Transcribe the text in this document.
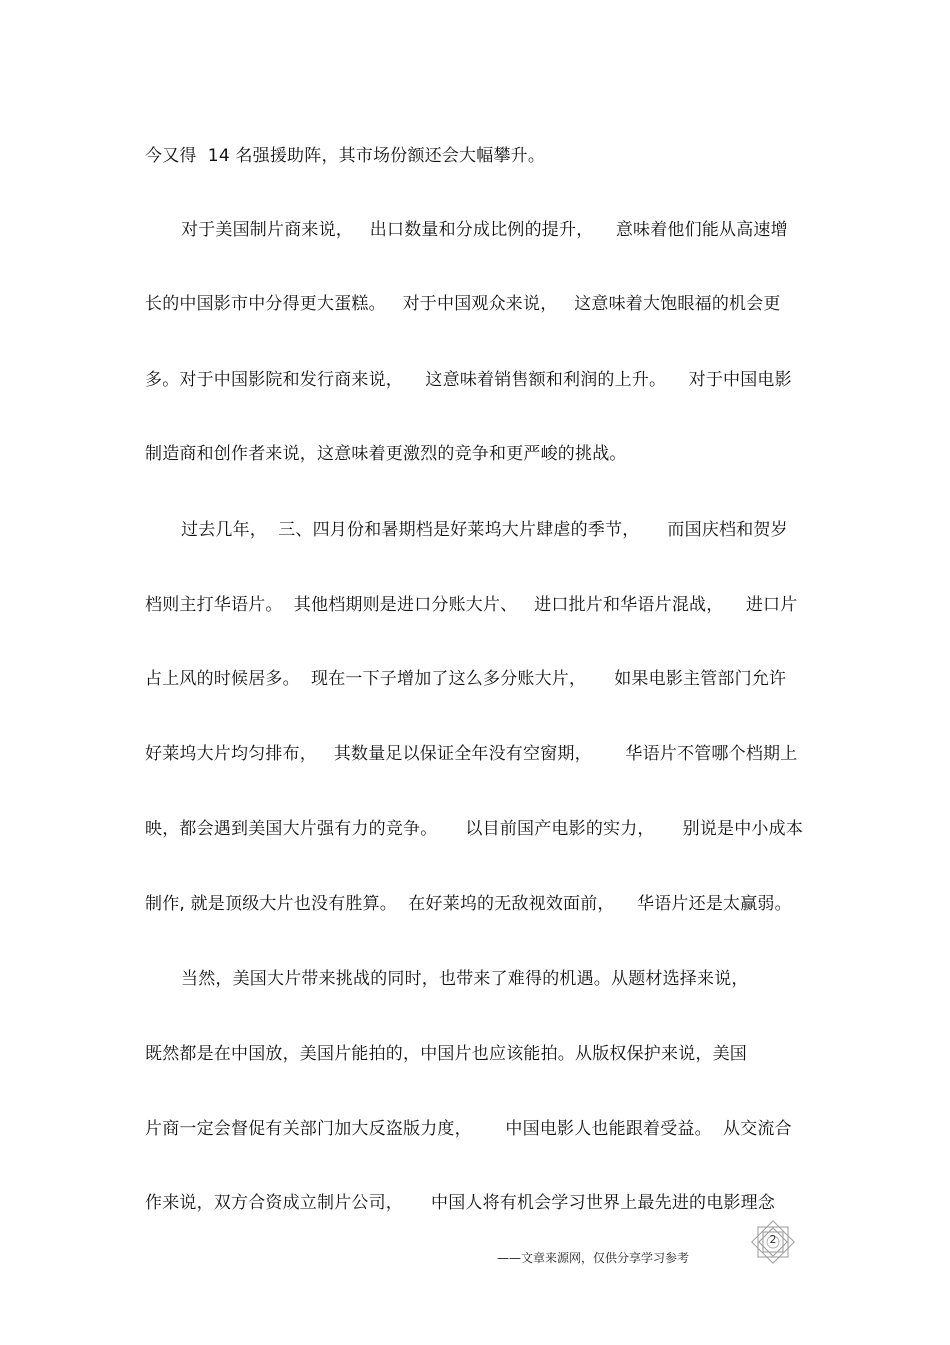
今又得  14 名强援助阵，其市场份额还会大幅攀升。
对于美国制片商来说，   出口数量和分成比例的提升，    意味着他们能从高速增
长的中国影市中分得更大蛋糕。   对于中国观众来说，   这意味着大饱眼福的机会更
多。对于中国影院和发行商来说，    这意味着销售额和利润的上升。    对于中国电影
制造商和创作者来说，这意味着更激烈的竞争和更严峻的挑战。
过去几年，  三、四月份和暑期档是好莱坞大片肆虐的季节，     而国庆档和贺岁
档则主打华语片。  其他档期则是进口分账大片、   进口批片和华语片混战，    进口片
占上风的时候居多。  现在一下子增加了这么多分账大片，     如果电影主管部门允许
好莱坞大片均匀排布，   其数量足以保证全年没有空窗期，      华语片不管哪个档期上
映，都会遇到美国大片强有力的竞争。     以目前国产电影的实力，     别说是中小成本
制作, 就是顶级大片也没有胜算。  在好莱坞的无敌视效面前，    华语片还是太赢弱。
当然，美国大片带来挑战的同时，也带来了难得的机遇。从题材选择来说，
既然都是在中国放，美国片能拍的，中国片也应该能拍。从版权保护来说，美国
片商一定会督促有关部门加大反盗版力度，      中国电影人也能跟着受益。  从交流合
作来说，双方合资成立制片公司，     中国人将有机会学习世界上最先进的电影理念
——文章来源网，仅供分享学习参考
2
